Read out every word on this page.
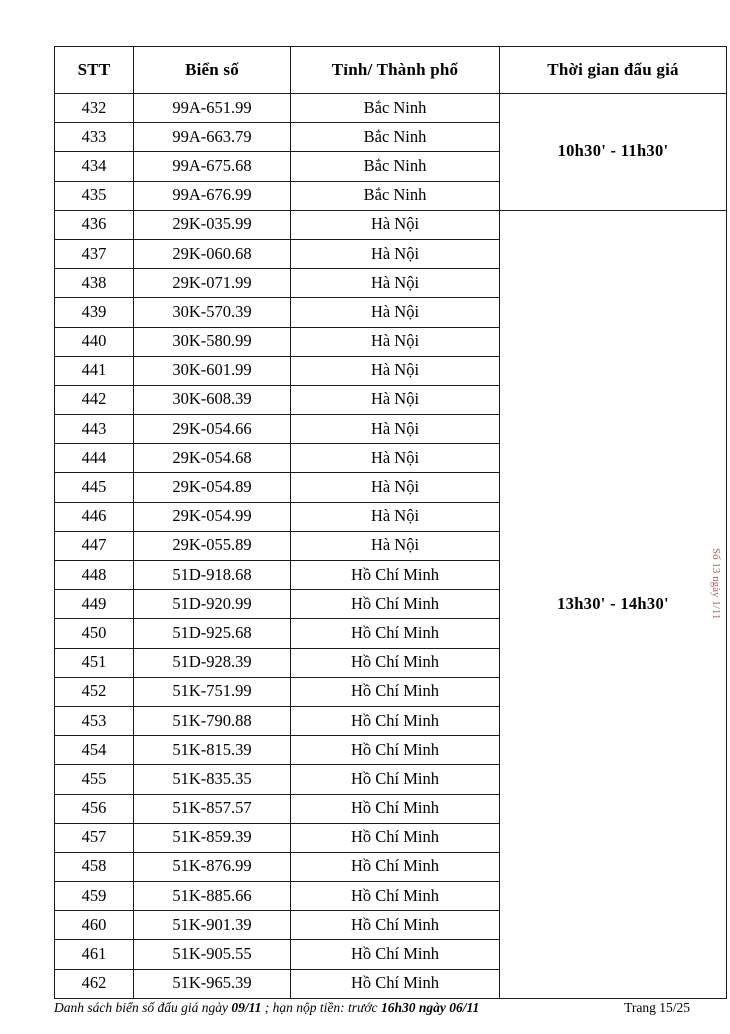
STT	Biển số	Tỉnh/ Thành phố	Thời gian đấu giá
432	99A-651.99	Bắc Ninh	10h30' - 11h30'
433	99A-663.79	Bắc Ninh	
434	99A-675.68	Bắc Ninh	
435	99A-676.99	Bắc Ninh	
436	29K-035.99	Hà Nội	13h30' - 14h30'
437	29K-060.68	Hà Nội	
438	29K-071.99	Hà Nội	
439	30K-570.39	Hà Nội	
440	30K-580.99	Hà Nội	
441	30K-601.99	Hà Nội	
442	30K-608.39	Hà Nội	
443	29K-054.66	Hà Nội	
444	29K-054.68	Hà Nội	
445	29K-054.89	Hà Nội	
446	29K-054.99	Hà Nội	
447	29K-055.89	Hà Nội	
448	51D-918.68	Hồ Chí Minh	
449	51D-920.99	Hồ Chí Minh	
450	51D-925.68	Hồ Chí Minh	
451	51D-928.39	Hồ Chí Minh	
452	51K-751.99	Hồ Chí Minh	
453	51K-790.88	Hồ Chí Minh	
454	51K-815.39	Hồ Chí Minh	
455	51K-835.35	Hồ Chí Minh	
456	51K-857.57	Hồ Chí Minh	
457	51K-859.39	Hồ Chí Minh	
458	51K-876.99	Hồ Chí Minh	
459	51K-885.66	Hồ Chí Minh	
460	51K-901.39	Hồ Chí Minh	
461	51K-905.55	Hồ Chí Minh	
462	51K-965.39	Hồ Chí Minh	
Danh sách biển số đấu giá ngày 09/11 ; hạn nộp tiền: trước 16h30 ngày 06/11	Trang 15/25
Số 13 ngày 1/11
